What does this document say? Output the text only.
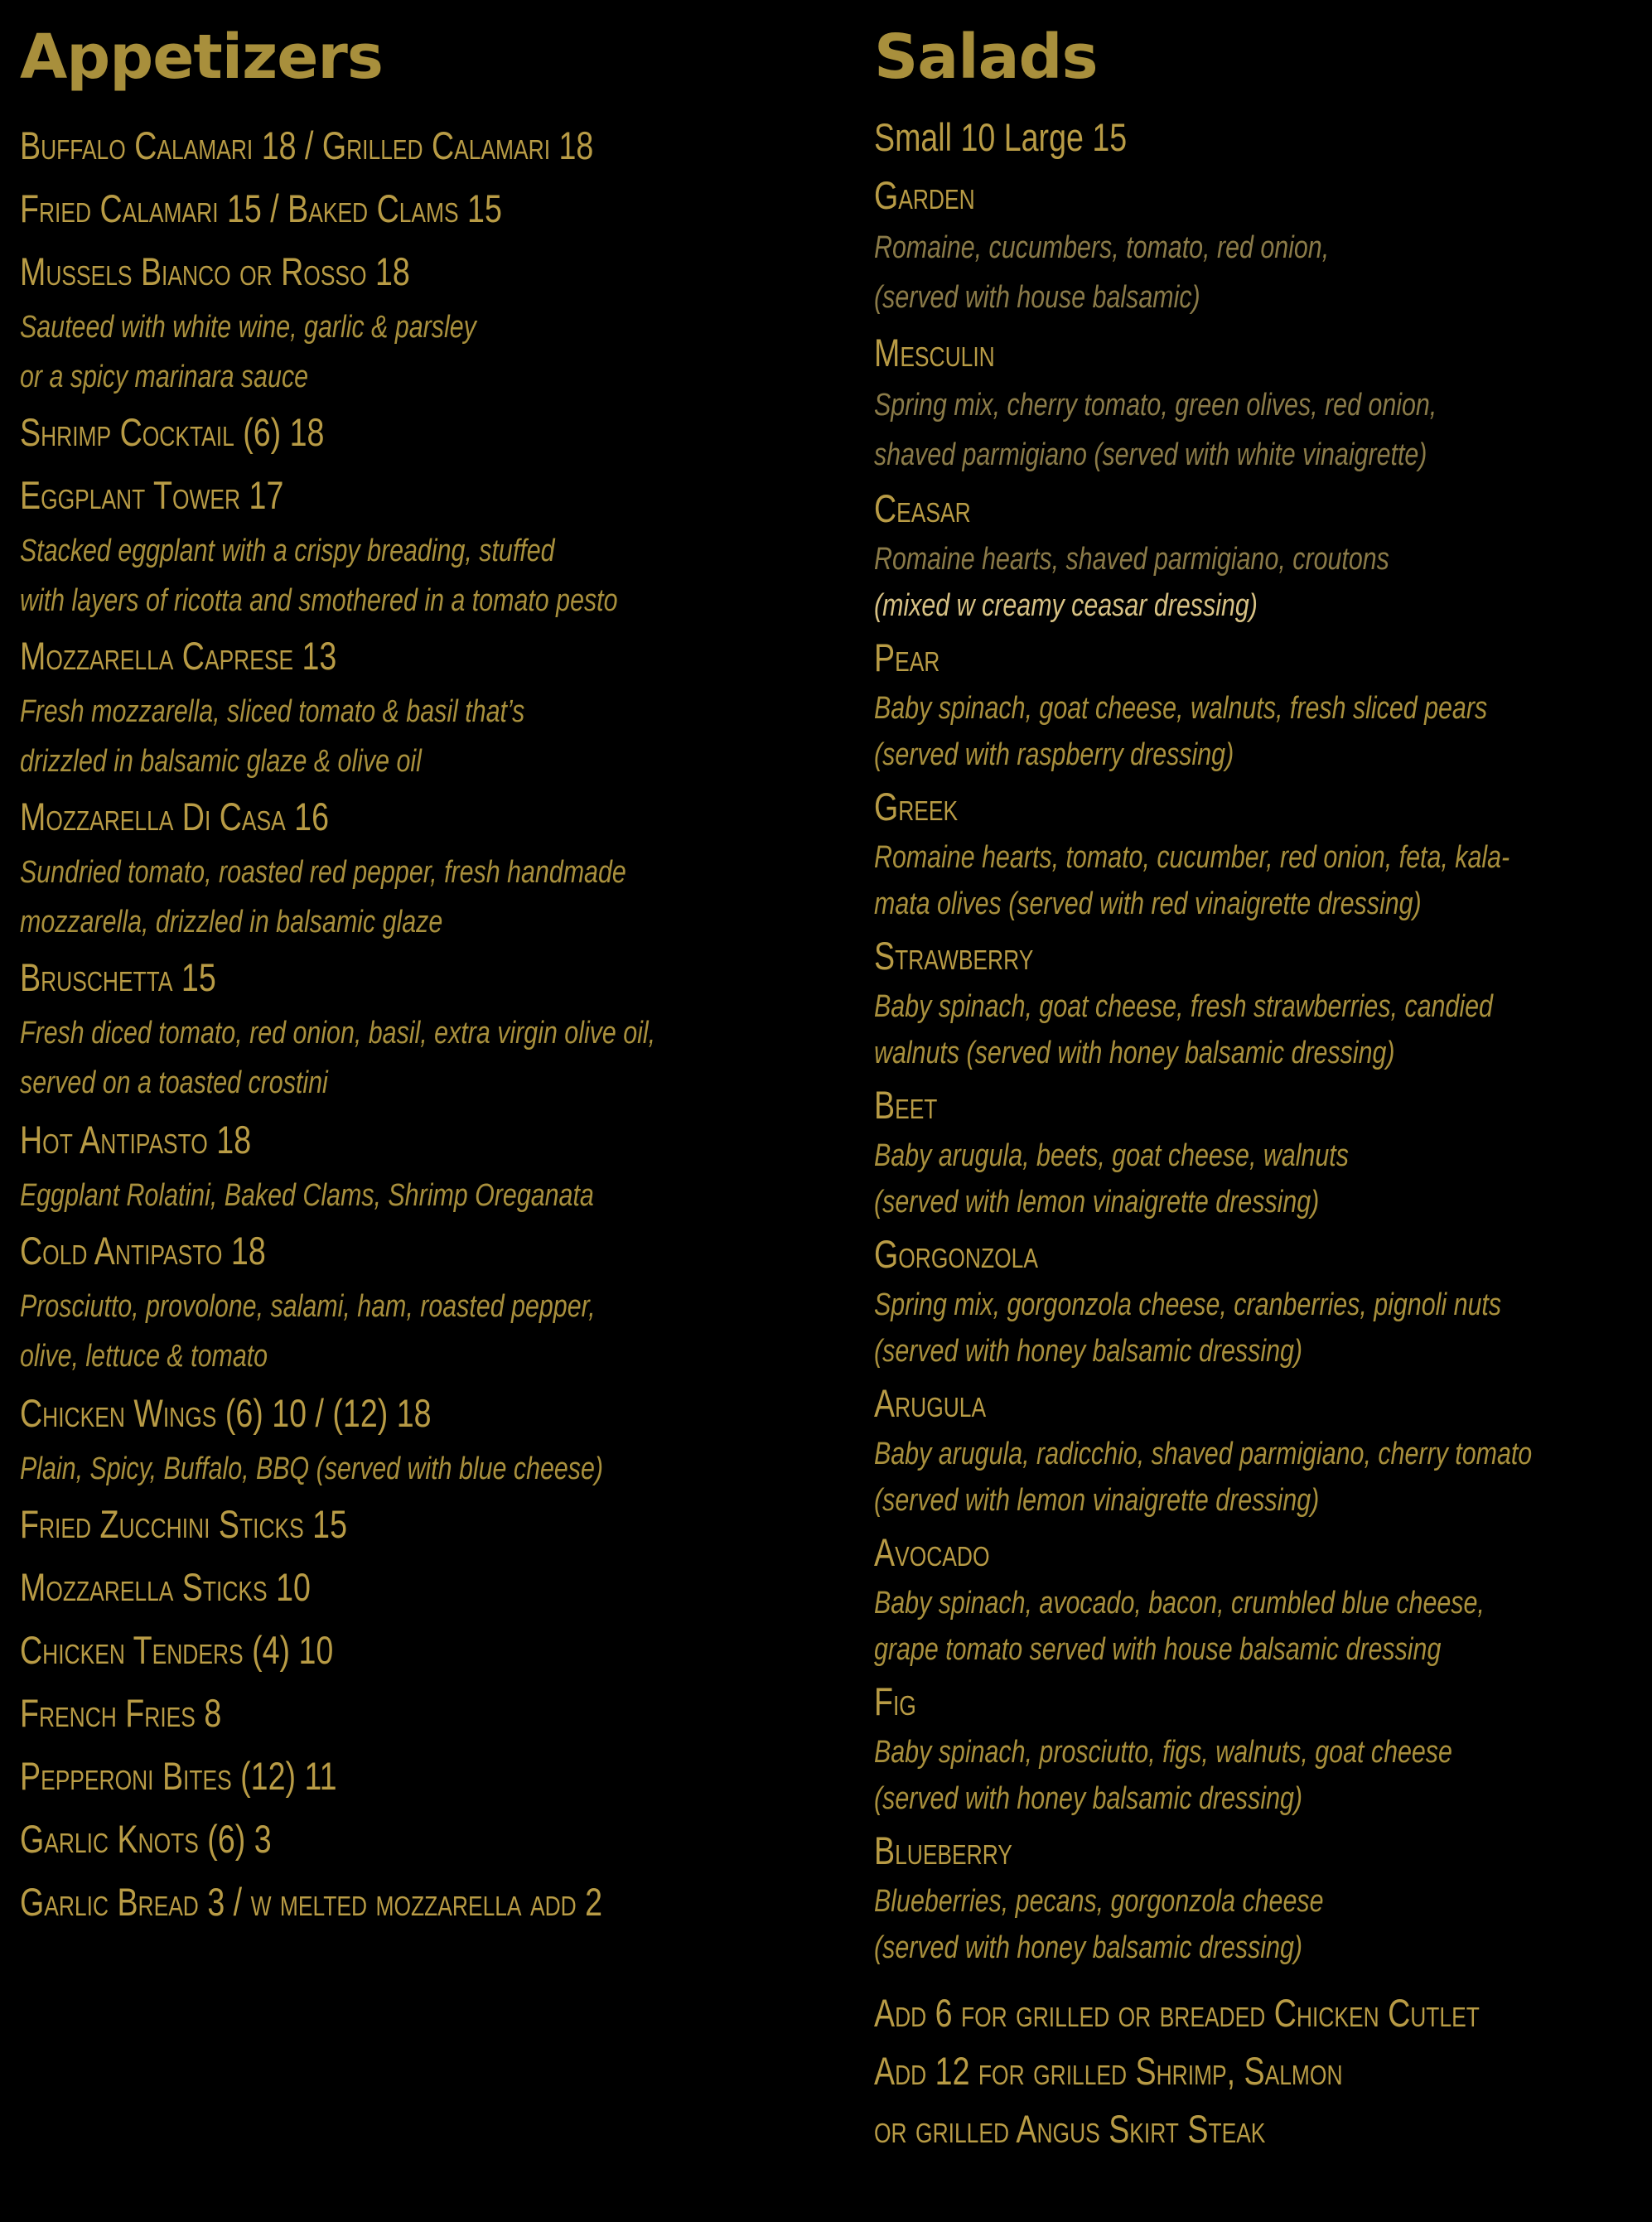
Appetizers
Buffalo Calamari 18 / Grilled Calamari 18
Fried Calamari 15 / Baked Clams 15
Mussels Bianco or Rosso 18
Sauteed with white wine, garlic & parsley
or a spicy marinara sauce
Shrimp Cocktail (6) 18
Eggplant Tower 17
Stacked eggplant with a crispy breading, stuffed
with layers of ricotta and smothered in a tomato pesto
Mozzarella Caprese 13
Fresh mozzarella, sliced tomato & basil that’s
drizzled in balsamic glaze & olive oil
Mozzarella Di Casa 16
Sundried tomato, roasted red pepper, fresh handmade
mozzarella, drizzled in balsamic glaze
Bruschetta 15
Fresh diced tomato, red onion, basil, extra virgin olive oil,
served on a toasted crostini
Hot Antipasto 18
Eggplant Rolatini, Baked Clams, Shrimp Oreganata
Cold Antipasto 18
Prosciutto, provolone, salami, ham, roasted pepper,
olive, lettuce & tomato
Chicken Wings (6) 10 / (12) 18
Plain, Spicy, Buffalo, BBQ (served with blue cheese)
Fried Zucchini Sticks 15
Mozzarella Sticks 10
Chicken Tenders (4) 10
French Fries 8
Pepperoni Bites (12) 11
Garlic Knots (6) 3
Garlic Bread 3 / w melted mozzarella add 2
Salads
Small 10 Large 15
Garden
Romaine, cucumbers, tomato, red onion,
(served with house balsamic)
Mesculin
Spring mix, cherry tomato, green olives, red onion,
shaved parmigiano (served with white vinaigrette)
Ceasar
Romaine hearts, shaved parmigiano, croutons
(mixed w creamy ceasar dressing)
Pear
Baby spinach, goat cheese, walnuts, fresh sliced pears
(served with raspberry dressing)
Greek
Romaine hearts, tomato, cucumber, red onion, feta, kala-
mata olives (served with red vinaigrette dressing)
Strawberry
Baby spinach, goat cheese, fresh strawberries, candied
walnuts (served with honey balsamic dressing)
Beet
Baby arugula, beets, goat cheese, walnuts
(served with lemon vinaigrette dressing)
Gorgonzola
Spring mix, gorgonzola cheese, cranberries, pignoli nuts
(served with honey balsamic dressing)
Arugula
Baby arugula, radicchio, shaved parmigiano, cherry tomato
(served with lemon vinaigrette dressing)
Avocado
Baby spinach, avocado, bacon, crumbled blue cheese,
grape tomato served with house balsamic dressing
Fig
Baby spinach, prosciutto, figs, walnuts, goat cheese
(served with honey balsamic dressing)
Blueberry
Blueberries, pecans, gorgonzola cheese
(served with honey balsamic dressing)
Add 6 for grilled or breaded Chicken Cutlet
Add 12 for grilled Shrimp, Salmon
or grilled Angus Skirt Steak
